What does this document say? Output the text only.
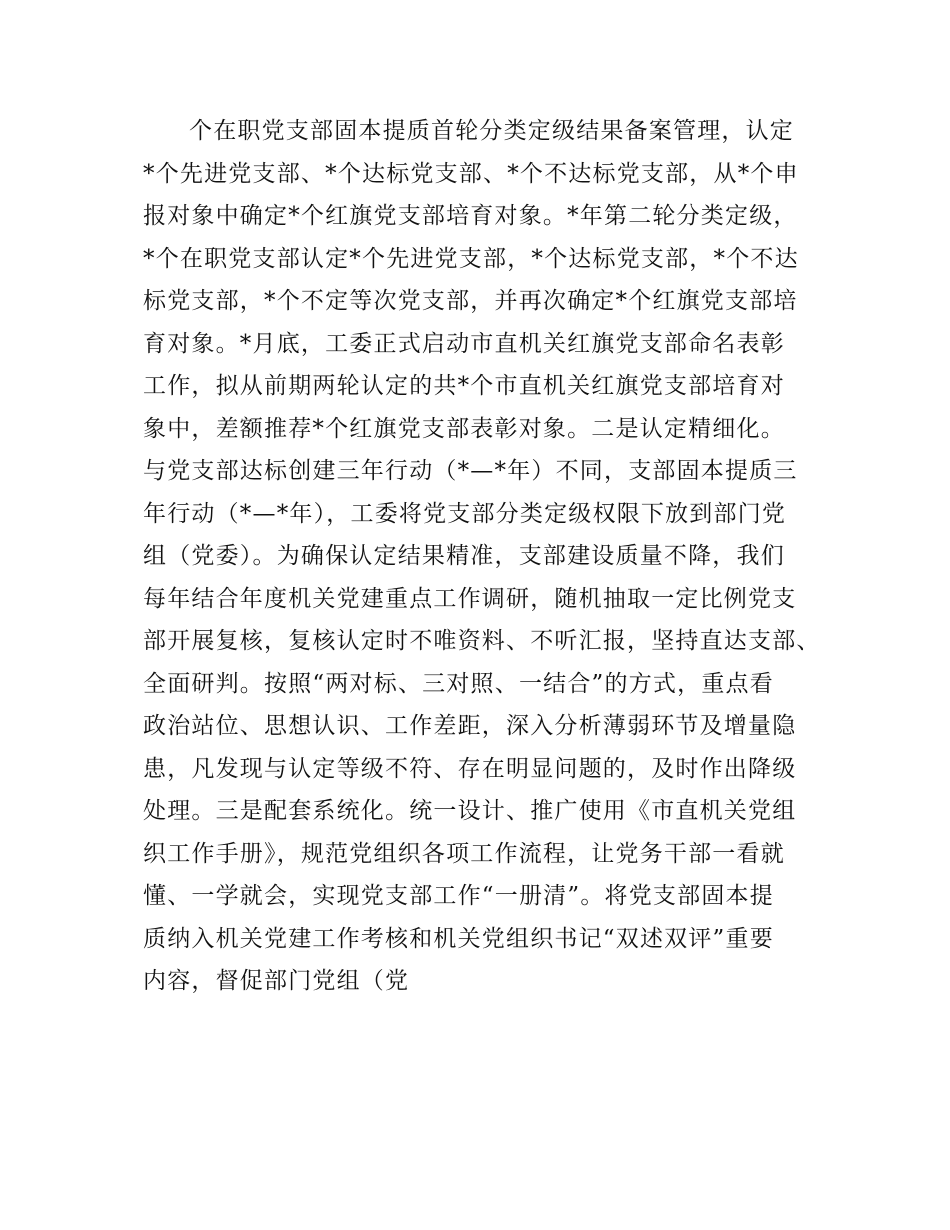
个在职党支部固本提质首轮分类定级结果备案管理，认定
*个先进党支部、*个达标党支部、*个不达标党支部，从*个申
报对象中确定*个红旗党支部培育对象。*年第二轮分类定级，
*个在职党支部认定*个先进党支部，*个达标党支部，*个不达
标党支部，*个不定等次党支部，并再次确定*个红旗党支部培
育对象。*月底，工委正式启动市直机关红旗党支部命名表彰
工作，拟从前期两轮认定的共*个市直机关红旗党支部培育对
象中，差额推荐*个红旗党支部表彰对象。二是认定精细化。
与党支部达标创建三年行动（*—*年）不同，支部固本提质三
年行动（*—*年），工委将党支部分类定级权限下放到部门党
组（党委）。为确保认定结果精准，支部建设质量不降，我们
每年结合年度机关党建重点工作调研，随机抽取一定比例党支
部开展复核，复核认定时不唯资料、不听汇报，坚持直达支部、
全面研判。按照“两对标、三对照、一结合”的方式，重点看
政治站位、思想认识、工作差距，深入分析薄弱环节及增量隐
患，凡发现与认定等级不符、存在明显问题的，及时作出降级
处理。三是配套系统化。统一设计、推广使用《市直机关党组
织工作手册》，规范党组织各项工作流程，让党务干部一看就
懂、一学就会，实现党支部工作“一册清”。将党支部固本提
质纳入机关党建工作考核和机关党组织书记“双述双评”重要
内容，督促部门党组（党
